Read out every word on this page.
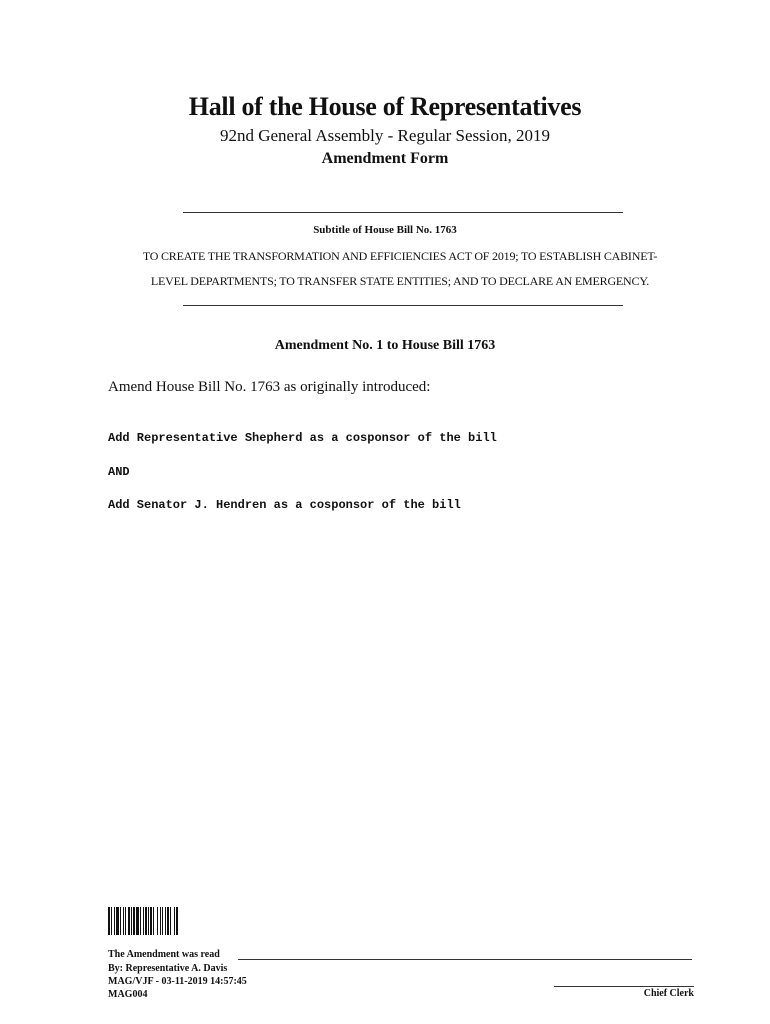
Hall of the House of Representatives
92nd General Assembly - Regular Session, 2019
Amendment Form
Subtitle of House Bill No. 1763
TO CREATE THE TRANSFORMATION AND EFFICIENCIES ACT OF 2019; TO ESTABLISH CABINET-
LEVEL DEPARTMENTS; TO TRANSFER STATE ENTITIES; AND TO DECLARE AN EMERGENCY.
Amendment No. 1 to House Bill 1763
Amend House Bill No. 1763 as originally introduced:
Add Representative Shepherd as a cosponsor of the bill
AND
Add Senator J. Hendren as a cosponsor of the bill
The Amendment was read
By: Representative A. Davis
MAG/VJF - 03-11-2019 14:57:45
MAG004	Chief Clerk
